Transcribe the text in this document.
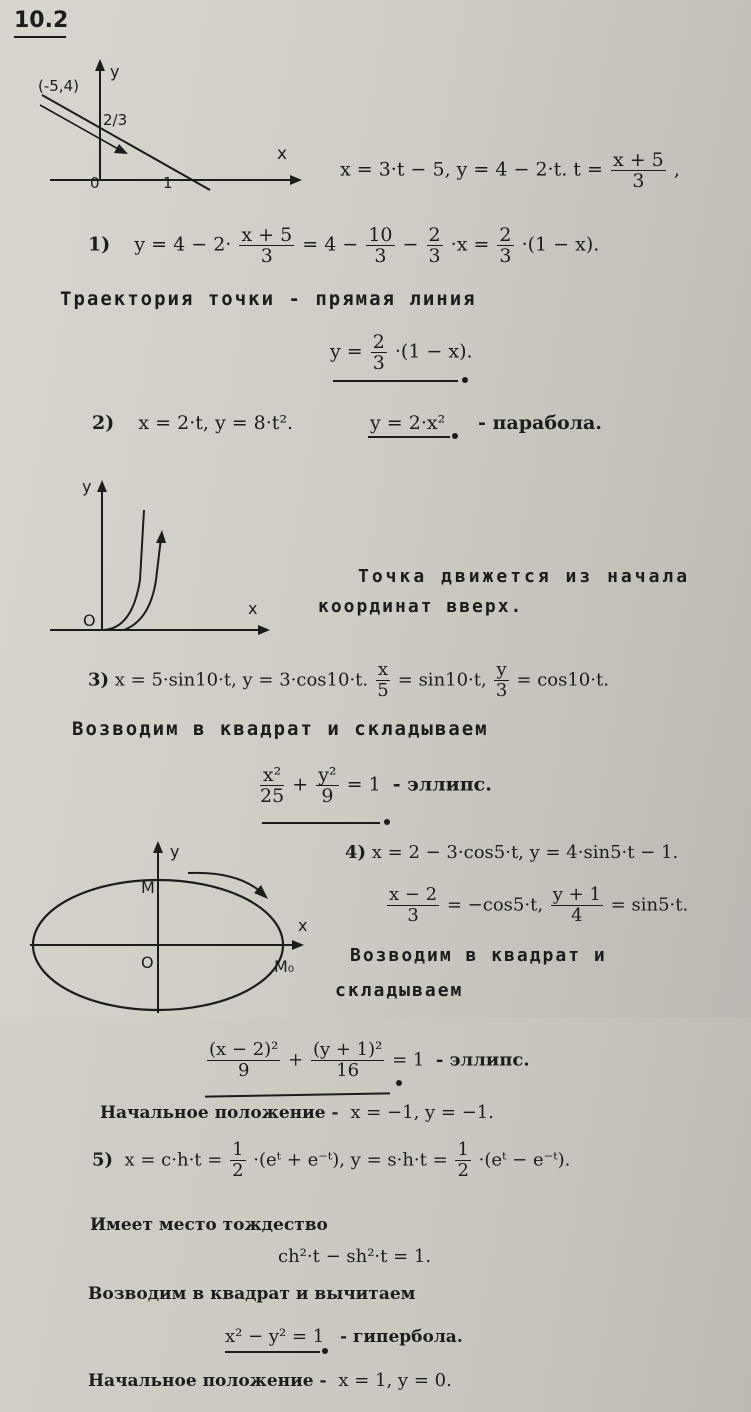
10.2
(-5,4)
y
2/3
x
0	1
x = 3·t − 5, y = 4 − 2·t. $t = \frac{x + 5}{3}$ ,
1) $y = 4 - 2\cdot \frac{x + 5}{3} = 4 - \frac{10}{3} - \frac{2}{3} \cdot x = \frac{2}{3} \cdot(1 - x)$.
Траектория точки - прямая линия
$y = \frac{2}{3} \cdot(1 - x)$.
2) x = 2·t, y = 8·t².	y = 2·x² - парабола.
y
x
O
Точка движется из начала
координат вверх.
3) x = 5·sin10·t, y = 3·cos10·t. $\frac{x}{5} = \sin 10\cdot t$, $\frac{y}{3} = \cos 10\cdot t$.
Возводим в квадрат и складываем
$\frac{\text{x²}}{25} + \frac{\text{y²}}{9} = 1$ - эллипс.
y
x
M
O	M₀
4) x = 2 − 3·cos5·t, y = 4·sin5·t − 1.
$\frac{x - 2}{3} = -\cos 5\cdot t$, $\frac{y + 1}{4} = \sin 5\cdot t$.
Возводим в квадрат и
складываем
$\frac{\text{(x − 2)²}}{9} + \frac{\text{(y + 1)²}}{16} = 1$ - эллипс.
Начальное положение - x = −1, y = −1.
5) $x = c\cdot h\cdot t = \frac{1}{2}$ ·(eᵗ + e⁻ᵗ), $y = s\cdot h\cdot t = \frac{1}{2}$ ·(eᵗ − e⁻ᵗ).
Имеет место тождество
ch²·t − sh²·t = 1.
Возводим в квадрат и вычитаем
x² − y² = 1 - гипербола.
Начальное положение - x = 1, y = 0.
